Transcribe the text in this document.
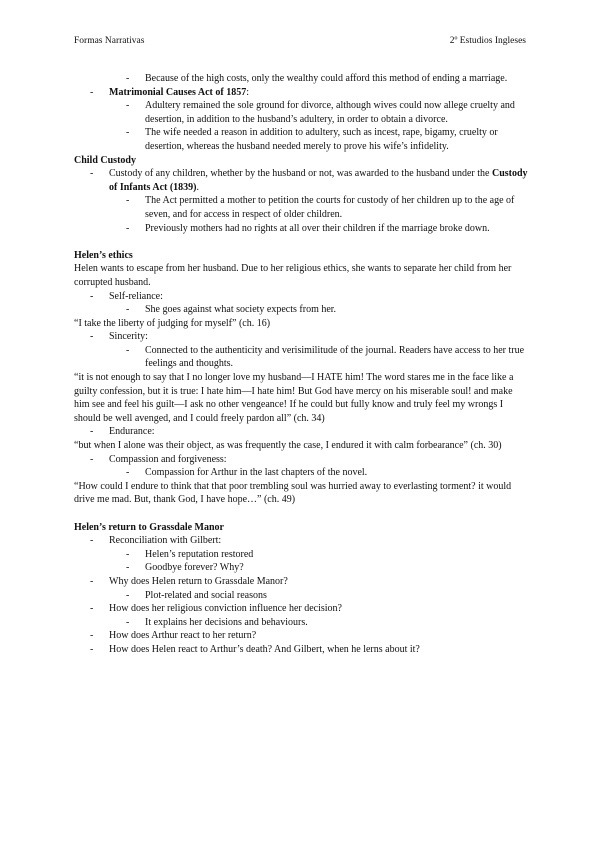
Formas Narrativas	2º Estudios Ingleses
- Because of the high costs, only the wealthy could afford this method of ending a marriage.
- Matrimonial Causes Act of 1857:
- Adultery remained the sole ground for divorce, although wives could now allege cruelty and desertion, in addition to the husband’s adultery, in order to obtain a divorce.
- The wife needed a reason in addition to adultery, such as incest, rape, bigamy, cruelty or desertion, whereas the husband needed merely to prove his wife’s infidelity.
Child Custody
- Custody of any children, whether by the husband or not, was awarded to the husband under the Custody of Infants Act (1839).
- The Act permitted a mother to petition the courts for custody of her children up to the age of seven, and for access in respect of older children.
- Previously mothers had no rights at all over their children if the marriage broke down.
Helen’s ethics
Helen wants to escape from her husband. Due to her religious ethics, she wants to separate her child from her corrupted husband.
- Self-reliance:
- She goes against what society expects from her.
“I take the liberty of judging for myself” (ch. 16)
- Sincerity:
- Connected to the authenticity and verisimilitude of the journal. Readers have access to her true feelings and thoughts.
“it is not enough to say that I no longer love my husband—I HATE him! The word stares me in the face like a guilty confession, but it is true: I hate him—I hate him! But God have mercy on his miserable soul! and make him see and feel his guilt—I ask no other vengeance! If he could but fully know and truly feel my wrongs I should be well avenged, and I could freely pardon all” (ch. 34)
- Endurance:
“but when I alone was their object, as was frequently the case, I endured it with calm forbearance” (ch. 30)
- Compassion and forgiveness:
- Compassion for Arthur in the last chapters of the novel.
“How could I endure to think that that poor trembling soul was hurried away to everlasting torment? it would drive me mad. But, thank God, I have hope…” (ch. 49)
Helen’s return to Grassdale Manor
- Reconciliation with Gilbert:
- Helen’s reputation restored
- Goodbye forever? Why?
- Why does Helen return to Grassdale Manor?
- Plot-related and social reasons
- How does her religious conviction influence her decision?
- It explains her decisions and behaviours.
- How does Arthur react to her return?
- How does Helen react to Arthur’s death? And Gilbert, when he lerns about it?
